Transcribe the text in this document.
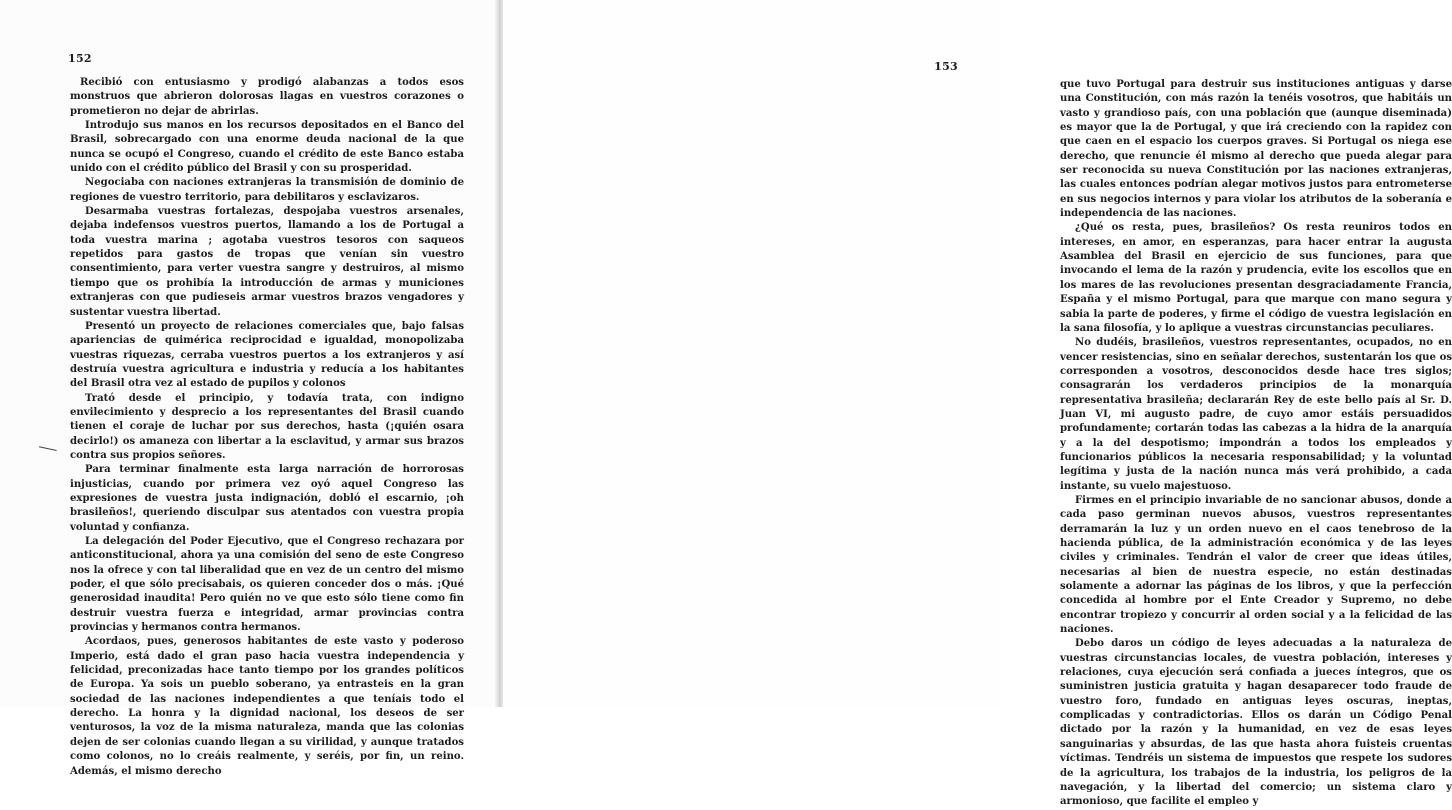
152

Recibió con entusiasmo y prodigó alabanzas a todos esos monstruos que abrieron dolorosas llagas en vuestros corazones o prometieron no dejar de abrirlas.

Introdujo sus manos en los recursos depositados en el Banco del Brasil, sobrecargado con una enorme deuda nacional de la que nunca se ocupó el Congreso, cuando el crédito de este Banco estaba unido con el crédito público del Brasil y con su prosperidad.

Negociaba con naciones extranjeras la transmisión de dominio de regiones de vuestro territorio, para debilitaros y esclavizaros.

Desarmaba vuestras fortalezas, despojaba vuestros arsenales, dejaba indefensos vuestros puertos, llamando a los de Portugal a toda vuestra marina ; agotaba vuestros tesoros con saqueos repetidos para gastos de tropas que venían sin vuestro consentimiento, para verter vuestra sangre y destruiros, al mismo tiempo que os prohibía la introducción de armas y municiones extranjeras con que pudieseis armar vuestros brazos vengadores y sustentar vuestra libertad.

Presentó un proyecto de relaciones comerciales que, bajo falsas apariencias de quimérica reciprocidad e igualdad, monopolizaba vuestras riquezas, cerraba vuestros puertos a los extranjeros y así destruía vuestra agricultura e industria y reducía a los habitantes del Brasil otra vez al estado de pupilos y colonos

Trató desde el principio, y todavía trata, con indigno envilecimiento y desprecio a los representantes del Brasil cuando tienen el coraje de luchar por sus derechos, hasta (¡quién osara decirlo!) os amaneza con libertar a la esclavitud, y armar sus brazos contra sus propios señores.

Para terminar finalmente esta larga narración de horrorosas injusticias, cuando por primera vez oyó aquel Congreso las expresiones de vuestra justa indignación, dobló el escarnio, ¡oh brasileños!, queriendo disculpar sus atentados con vuestra propia voluntad y confianza.

La delegación del Poder Ejecutivo, que el Congreso rechazara por anticonstitucional, ahora ya una comisión del seno de este Congreso nos la ofrece y con tal liberalidad que en vez de un centro del mismo poder, el que sólo precisabais, os quieren conceder dos o más. ¡Qué generosidad inaudita! Pero quién no ve que esto sólo tiene como fin destruir vuestra fuerza e integridad, armar provincias contra provincias y hermanos contra hermanos.

Acordaos, pues, generosos habitantes de este vasto y poderoso Imperio, está dado el gran paso hacia vuestra independencia y felicidad, preconizadas hace tanto tiempo por los grandes políticos de Europa. Ya sois un pueblo soberano, ya entrasteis en la gran sociedad de las naciones independientes a que teníais todo el derecho. La honra y la dignidad nacional, los deseos de ser venturosos, la voz de la misma naturaleza, manda que las colonias dejen de ser colonias cuando llegan a su virilidad, y aunque tratados como colonos, no lo creáis realmente, y seréis, por fin, un reino. Además, el mismo derecho

153

que tuvo Portugal para destruir sus instituciones antiguas y darse una Constitución, con más razón la tenéis vosotros, que habitáis un vasto y grandioso país, con una población que (aunque diseminada) es mayor que la de Portugal, y que irá creciendo con la rapidez con que caen en el espacio los cuerpos graves. Si Portugal os niega ese derecho, que renuncie él mismo al derecho que pueda alegar para ser reconocida su nueva Constitución por las naciones extranjeras, las cuales entonces podrían alegar motivos justos para entrometerse en sus negocios internos y para violar los atributos de la soberanía e independencia de las naciones.

¿Qué os resta, pues, brasileños? Os resta reuniros todos en intereses, en amor, en esperanzas, para hacer entrar la augusta Asamblea del Brasil en ejercicio de sus funciones, para que invocando el lema de la razón y prudencia, evite los escollos que en los mares de las revoluciones presentan desgraciadamente Francia, España y el mismo Portugal, para que marque con mano segura y sabia la parte de poderes, y firme el código de vuestra legislación en la sana filosofía, y lo aplique a vuestras circunstancias peculiares.

No dudéis, brasileños, vuestros representantes, ocupados, no en vencer resistencias, sino en señalar derechos, sustentarán los que os corresponden a vosotros, desconocidos desde hace tres siglos; consagrarán los verdaderos principios de la monarquía representativa brasileña; declararán Rey de este bello país al Sr. D. Juan VI, mi augusto padre, de cuyo amor estáis persuadidos profundamente; cortarán todas las cabezas a la hidra de la anarquía y a la del despotismo; impondrán a todos los empleados y funcionarios públicos la necesaria responsabilidad; y la voluntad legítima y justa de la nación nunca más verá prohibido, a cada instante, su vuelo majestuoso.

Firmes en el principio invariable de no sancionar abusos, donde a cada paso germinan nuevos abusos, vuestros representantes derramarán la luz y un orden nuevo en el caos tenebroso de la hacienda pública, de la administración económica y de las leyes civiles y criminales. Tendrán el valor de creer que ideas útiles, necesarias al bien de nuestra especie, no están destinadas solamente a adornar las páginas de los libros, y que la perfección concedida al hombre por el Ente Creador y Supremo, no debe encontrar tropiezo y concurrir al orden social y a la felicidad de las naciones.

Debo daros un código de leyes adecuadas a la naturaleza de vuestras circunstancias locales, de vuestra población, intereses y relaciones, cuya ejecución será confiada a jueces íntegros, que os suministren justicia gratuita y hagan desaparecer todo fraude de vuestro foro, fundado en antiguas leyes oscuras, ineptas, complicadas y contradictorias. Ellos os darán un Código Penal dictado por la razón y la humanidad, en vez de esas leyes sanguinarias y absurdas, de las que hasta ahora fuisteis cruentas víctimas. Tendréis un sistema de impuestos que respete los sudores de la agricultura, los trabajos de la industria, los peligros de la navegación, y la libertad del comercio; un sistema claro y armonioso, que facilite el empleo y
